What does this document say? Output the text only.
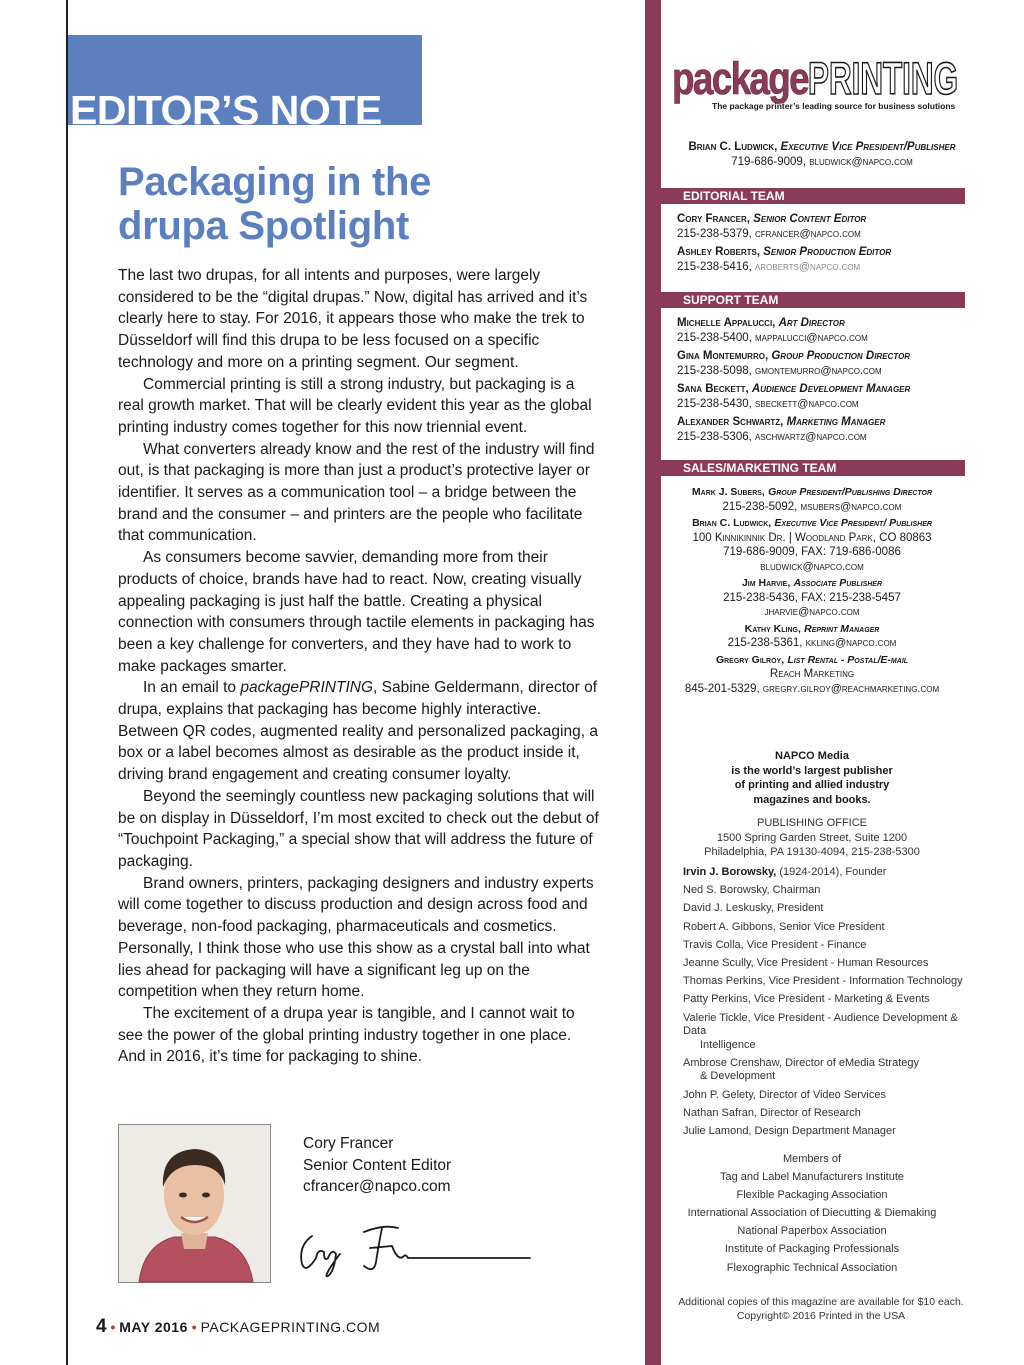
EDITOR’S NOTE
Packaging in the drupa Spotlight

The last two drupas, for all intents and purposes, were largely considered to be the “digital drupas.” Now, digital has arrived and it’s clearly here to stay. For 2016, it appears those who make the trek to Düsseldorf will find this drupa to be less focused on a specific technology and more on a printing segment. Our segment.

Commercial printing is still a strong industry, but packaging is a real growth market. That will be clearly evident this year as the global printing industry comes together for this now triennial event.

What converters already know and the rest of the industry will find out, is that packaging is more than just a product’s protective layer or identifier. It serves as a communication tool – a bridge between the brand and the consumer – and printers are the people who facilitate that communication.

As consumers become savvier, demanding more from their products of choice, brands have had to react. Now, creating visually appealing packaging is just half the battle. Creating a physical connection with consumers through tactile elements in packaging has been a key challenge for converters, and they have had to work to make packages smarter.

In an email to packagePRINTING, Sabine Geldermann, director of drupa, explains that packaging has become highly interactive. Between QR codes, augmented reality and personalized packaging, a box or a label becomes almost as desirable as the product inside it, driving brand engagement and creating consumer loyalty.

Beyond the seemingly countless new packaging solutions that will be on display in Düsseldorf, I’m most excited to check out the debut of “Touchpoint Packaging,” a special show that will address the future of packaging.

Brand owners, printers, packaging designers and industry experts will come together to discuss production and design across food and beverage, non-food packaging, pharmaceuticals and cosmetics. Personally, I think those who use this show as a crystal ball into what lies ahead for packaging will have a significant leg up on the competition when they return home.

The excitement of a drupa year is tangible, and I cannot wait to see the power of the global printing industry together in one place. And in 2016, it’s time for packaging to shine.

Cory Francer
Senior Content Editor
cfrancer@napco.com
4 • MAY 2016 • PACKAGEPRINTING.COM
package PRINTING
The package printer’s leading source for business solutions
Brian C. Ludwick, Executive Vice President/Publisher
719-686-9009, bludwick@napco.com
EDITORIAL TEAM
Cory Francer, Senior Content Editor
215-238-5379, cfrancer@napco.com
Ashley Roberts, Senior Production Editor
215-238-5416, aroberts@napco.com
SUPPORT TEAM
Michelle Appalucci, Art Director
215-238-5400, mappalucci@napco.com
Gina Montemurro, Group Production Director
215-238-5098, gmontemurro@napco.com
Sana Beckett, Audience Development Manager
215-238-5430, sbeckett@napco.com
Alexander Schwartz, Marketing Manager
215-238-5306, aschwartz@napco.com
SALES/MARKETING TEAM
Mark J. Subers, Group President/Publishing Director
215-238-5092, msubers@napco.com
Brian C. Ludwick, Executive Vice President/ Publisher
100 Kinnikinnik Dr. | Woodland Park, CO 80863
719-686-9009, FAX: 719-686-0086
bludwick@napco.com
Jim Harvie, Associate Publisher
215-238-5436, FAX: 215-238-5457
jharvie@napco.com
Kathy Kling, Reprint Manager
215-238-5361, kkling@napco.com
Gregry Gilroy, List Rental - Postal/E-mail
Reach Marketing
845-201-5329, gregry.gilroy@reachmarketing.com
NAPCO Media
is the world’s largest publisher
of printing and allied industry
magazines and books.
PUBLISHING OFFICE
1500 Spring Garden Street, Suite 1200
Philadelphia, PA 19130-4094, 215-238-5300
Irvin J. Borowsky, (1924-2014), Founder
Ned S. Borowsky, Chairman
David J. Leskusky, President
Robert A. Gibbons, Senior Vice President
Travis Colla, Vice President - Finance
Jeanne Scully, Vice President - Human Resources
Thomas Perkins, Vice President - Information Technology
Patty Perkins, Vice President - Marketing & Events
Valerie Tickle, Vice President - Audience Development & Data
Intelligence
Ambrose Crenshaw, Director of eMedia Strategy
& Development
John P. Gelety, Director of Video Services
Nathan Safran, Director of Research
Julie Lamond, Design Department Manager
Members of
Tag and Label Manufacturers Institute
Flexible Packaging Association
International Association of Diecutting & Diemaking
National Paperbox Association
Institute of Packaging Professionals
Flexographic Technical Association
Additional copies of this magazine are available for $10 each.
Copyright© 2016 Printed in the USA
